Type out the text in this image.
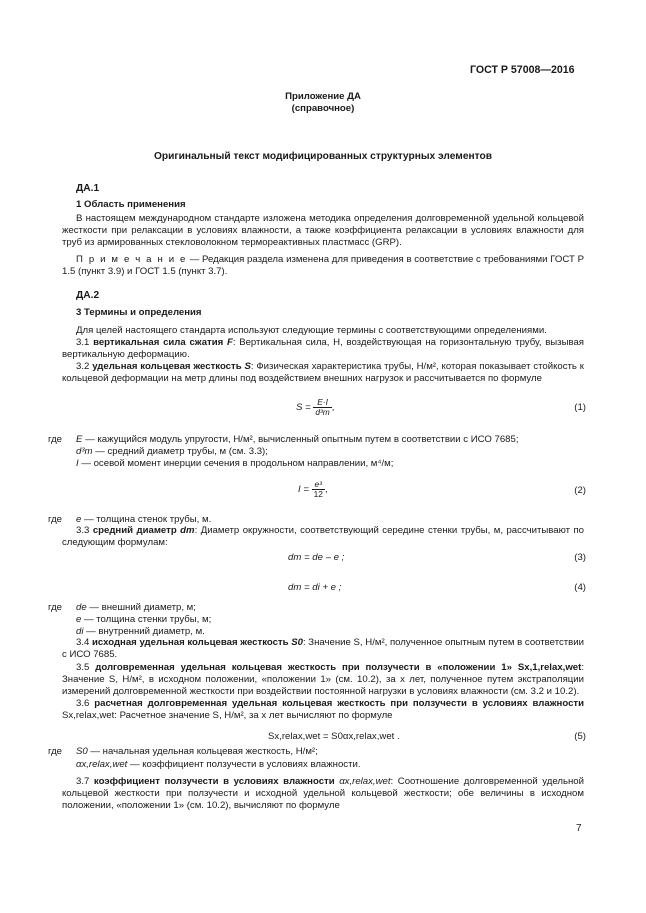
ГОСТ Р 57008—2016
Приложение ДА
(справочное)
Оригинальный текст модифицированных структурных элементов
ДА.1
1 Область применения
В настоящем международном стандарте изложена методика определения долговременной удельной кольцевой жесткости при релаксации в условиях влажности, а также коэффициента релаксации в условиях влажности для труб из армированных стекловолокном термореактивных пластмасс (GRP).
П р и м е ч а н и е — Редакция раздела изменена для приведения в соответствие с требованиями ГОСТ Р 1.5 (пункт 3.9) и ГОСТ 1.5 (пункт 3.7).
ДА.2
3 Термины и определения
Для целей настоящего стандарта используют следующие термины с соответствующими определениями.
3.1 вертикальная сила сжатия F: Вертикальная сила, Н, воздействующая на горизонтальную трубу, вызывая вертикальную деформацию.
3.2 удельная кольцевая жесткость S: Физическая характеристика трубы, Н/м², которая показывает стойкость к кольцевой деформации на метр длины под воздействием внешних нагрузок и рассчитывается по формуле
$S = \frac{E\cdot I}{\text{d³m}}$ ,	(1)
где E — кажущийся модуль упругости, Н/м², вычисленный опытным путем в соответствии с ИСО 7685;
d³m — средний диаметр трубы, м (см. 3.3);
I — осевой момент инерции сечения в продольном направлении, м⁴/м;
$I = \frac{\text{e³}}{12}$ ,	(2)
где e — толщина стенок трубы, м.
3.3 средний диаметр dm: Диаметр окружности, соответствующий середине стенки трубы, м, рассчитывают по следующим формулам:
dm = de – e ;	(3)
dm = di + e ;	(4)
где de — внешний диаметр, м;
e — толщина стенки трубы, м;
di — внутренний диаметр, м.
3.4 исходная удельная кольцевая жесткость S0: Значение S, Н/м², полученное опытным путем в соответствии с ИСО 7685.
3.5 долговременная удельная кольцевая жесткость при ползучести в «положении 1» Sx,1,relax,wet: Значение S, Н/м², в исходном положении, «положении 1» (см. 10.2), за x лет, полученное путем экстраполяции измерений долговременной жесткости при воздействии постоянной нагрузки в условиях влажности (см. 3.2 и 10.2).
3.6 расчетная долговременная удельная кольцевая жесткость при ползучести в условиях влажности Sx,relax,wet: Расчетное значение S, Н/м², за x лет вычисляют по формуле
Sx,relax,wet = S0αx,relax,wet .	(5)
где S0 — начальная удельная кольцевая жесткость, Н/м²;
αx,relax,wet — коэффициент ползучести в условиях влажности.
3.7 коэффициент ползучести в условиях влажности αx,relax,wet: Соотношение долговременной удельной кольцевой жесткости при ползучести и исходной удельной кольцевой жесткости; обе величины в исходном положении, «положении 1» (см. 10.2), вычисляют по формуле
7
